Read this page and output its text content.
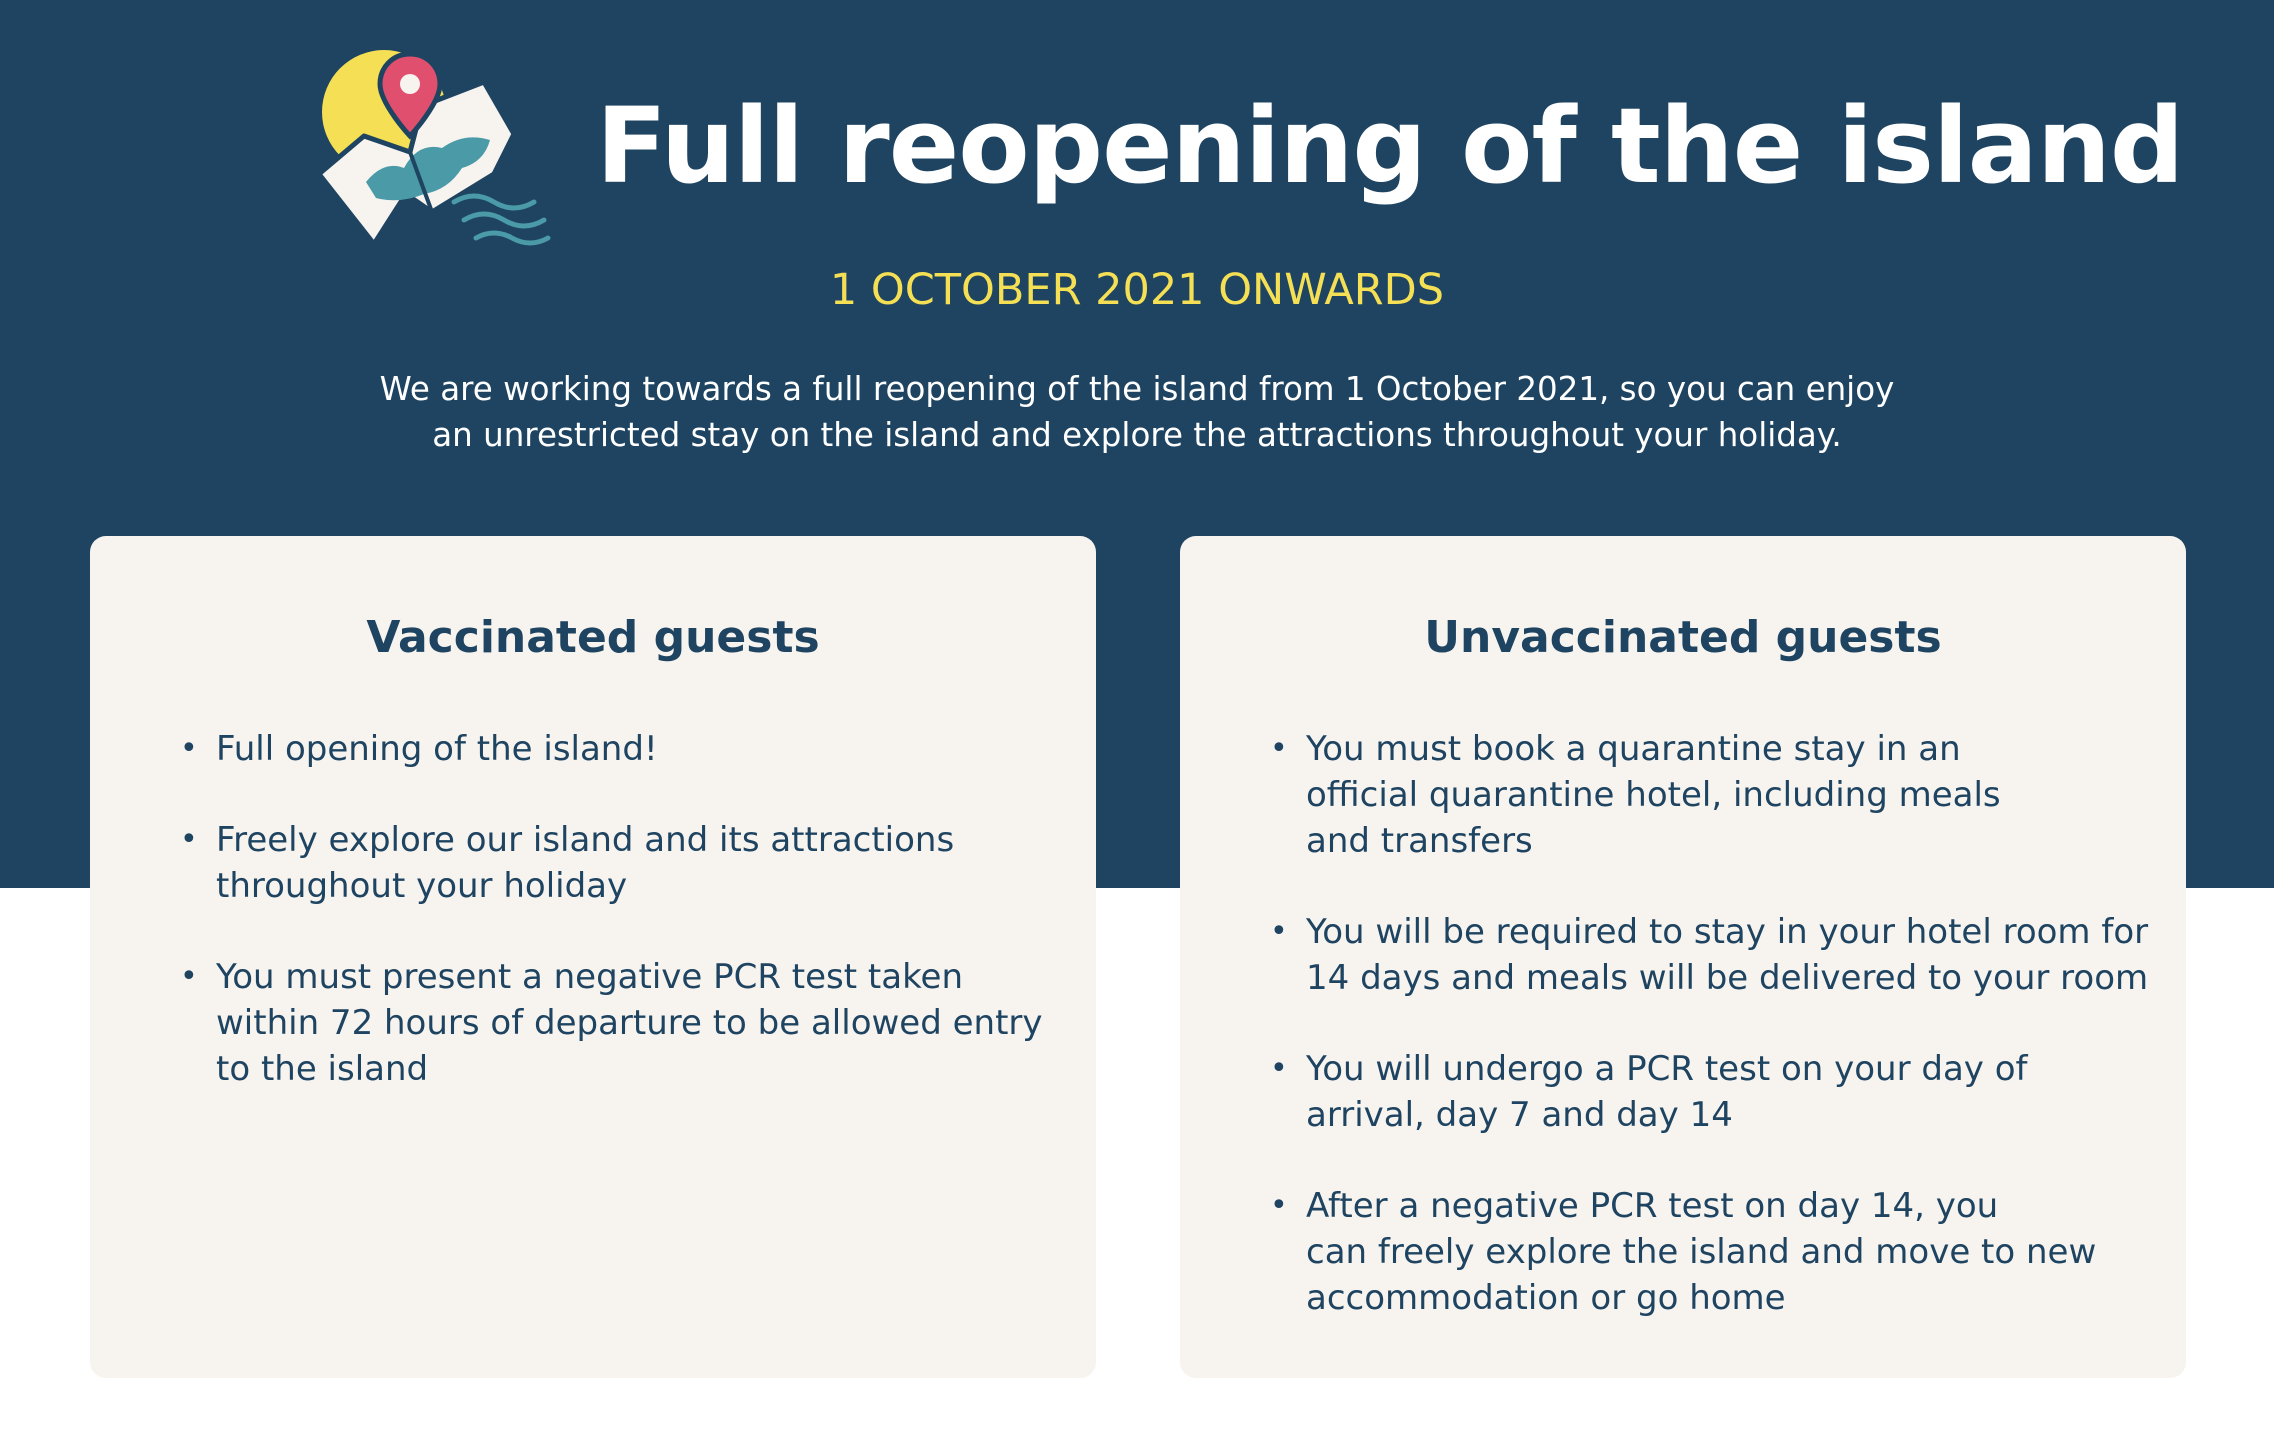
Full reopening of the island
1 OCTOBER 2021 ONWARDS
We are working towards a full reopening of the island from 1 October 2021, so you can enjoy
an unrestricted stay on the island and explore the attractions throughout your holiday.
Vaccinated guests
• Full opening of the island!
• Freely explore our island and its attractions
throughout your holiday
• You must present a negative PCR test taken
within 72 hours of departure to be allowed entry
to the island
Unvaccinated guests
• You must book a quarantine stay in an
official quarantine hotel, including meals
and transfers
• You will be required to stay in your hotel room for
14 days and meals will be delivered to your room
• You will undergo a PCR test on your day of
arrival, day 7 and day 14
• After a negative PCR test on day 14, you
can freely explore the island and move to new
accommodation or go home
